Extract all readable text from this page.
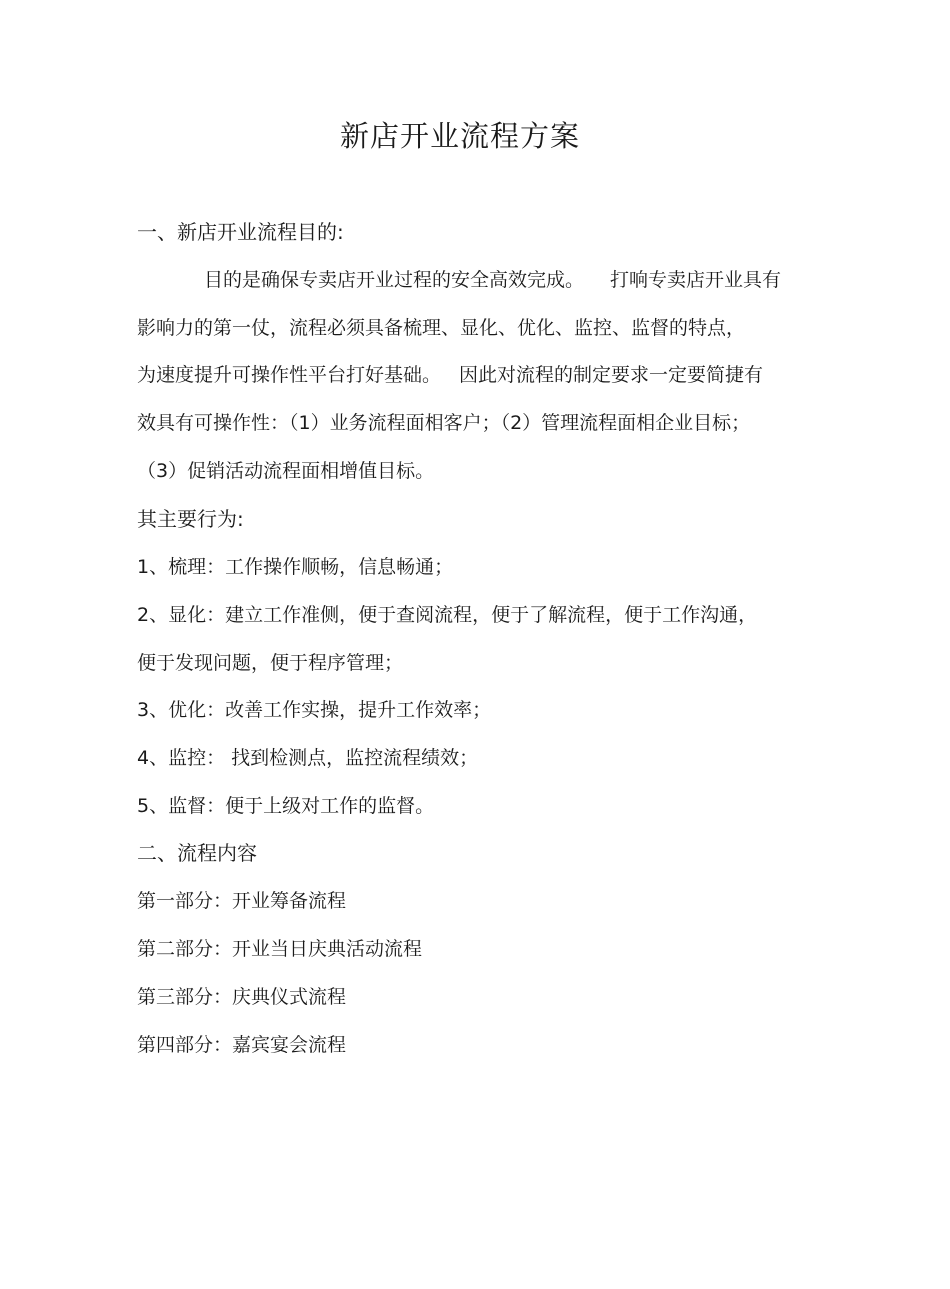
新店开业流程方案

一、新店开业流程目的:

目的是确保专卖店开业过程的安全高效完成。 打响专卖店开业具有

影响力的第一仗，流程必须具备梳理、显化、优化、监控、监督的特点，

为速度提升可操作性平台打好基础。 因此对流程的制定要求一定要简捷有

效具有可操作性：（1）业务流程面相客户；（2）管理流程面相企业目标；

（3）促销活动流程面相增值目标。

其主要行为:

1、梳理：工作操作顺畅，信息畅通；

2、显化：建立工作准侧，便于查阅流程，便于了解流程，便于工作沟通，

便于发现问题，便于程序管理；

3、优化：改善工作实操，提升工作效率；

4、监控： 找到检测点，监控流程绩效；

5、监督：便于上级对工作的监督。

二、流程内容

第一部分：开业筹备流程

第二部分：开业当日庆典活动流程

第三部分：庆典仪式流程

第四部分：嘉宾宴会流程
